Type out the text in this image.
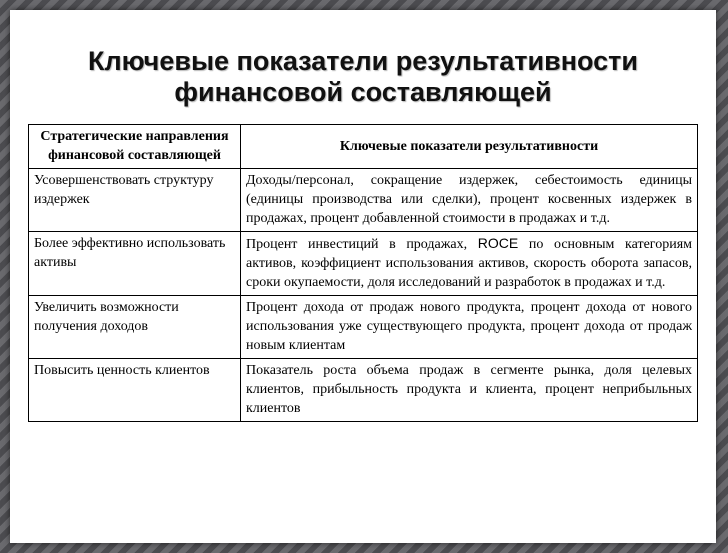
Ключевые показатели результативности
финансовой составляющей
Стратегические направления финансовой составляющей	Ключевые показатели результативности
Усовершенствовать структуру издержек	Доходы/персонал, сокращение издержек, себестоимость единицы (единицы производства или сделки), процент косвенных издержек в продажах, процент добавленной стоимости в продажах и т.д.
Более эффективно использовать активы	Процент инвестиций в продажах, ROCE по основным категориям активов, коэффициент использования активов, скорость оборота запасов, сроки окупаемости, доля исследований и разработок в продажах и т.д.
Увеличить возможности получения доходов	Процент дохода от продаж нового продукта, процент дохода от нового использования уже существующего продукта, процент дохода от продаж новым клиентам
Повысить ценность клиентов	Показатель роста объема продаж в сегменте рынка, доля целевых клиентов, прибыльность продукта и клиента, процент неприбыльных клиентов
